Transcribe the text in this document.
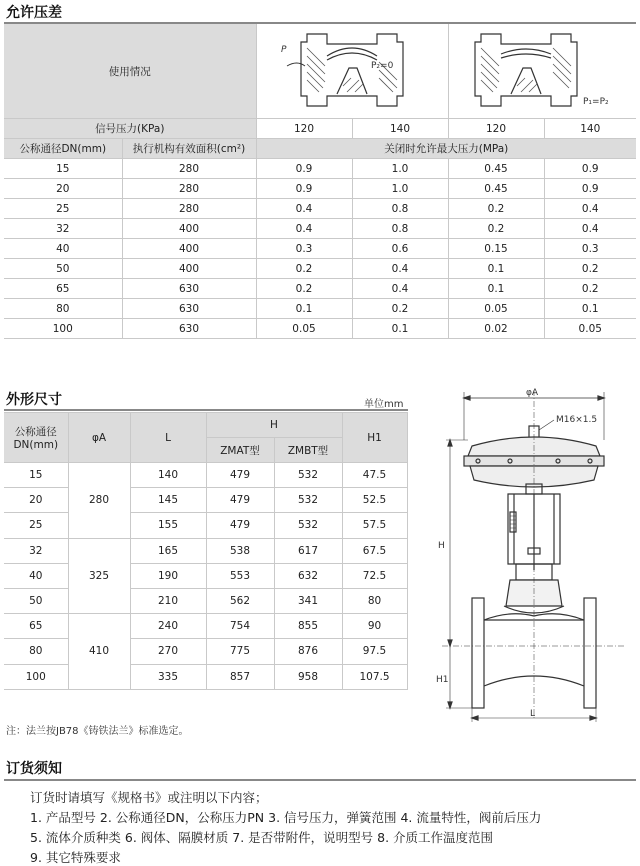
允许压差
使用情况		P
P₂=0		P₁=P₂	

信号压力(KPa)		120	140	120	140
公称通径DN(mm)	执行机构有效面积(cm²)	关闭时允许最大压力(MPa)			
15	280	0.9	1.0	0.45	0.9
20	280	0.9	1.0	0.45	0.9
25	280	0.4	0.8	0.2	0.4
32	400	0.4	0.8	0.2	0.4
40	400	0.3	0.6	0.15	0.3
50	400	0.2	0.4	0.1	0.2
65	630	0.2	0.4	0.1	0.2
80	630	0.1	0.2	0.05	0.1
100	630	0.05	0.1	0.02	0.05
外形尺寸	单位mm
公称通径
DN(mm)	φA	L	H		H1
			ZMAT型	ZMBT型	
15	280	140	479	532	47.5
20		145	479	532	52.5
25		155	479	532	57.5
32	325	165	538	617	67.5
40		190	553	632	72.5
50		210	562	341	80
65	410	240	754	855	90
80		270	775	876	97.5
100		335	857	958	107.5
注：法兰按JB78《铸铁法兰》标准选定。
φA
M16×1.5
H
H1
L
订货须知
订货时请填写《规格书》或注明以下内容；
1. 产品型号 2. 公称通径DN，公称压力PN 3. 信号压力，弹簧范围 4. 流量特性，阀前后压力
5. 流体介质种类 6. 阀体、隔膜材质 7. 是否带附件，说明型号 8. 介质工作温度范围
9. 其它特殊要求
